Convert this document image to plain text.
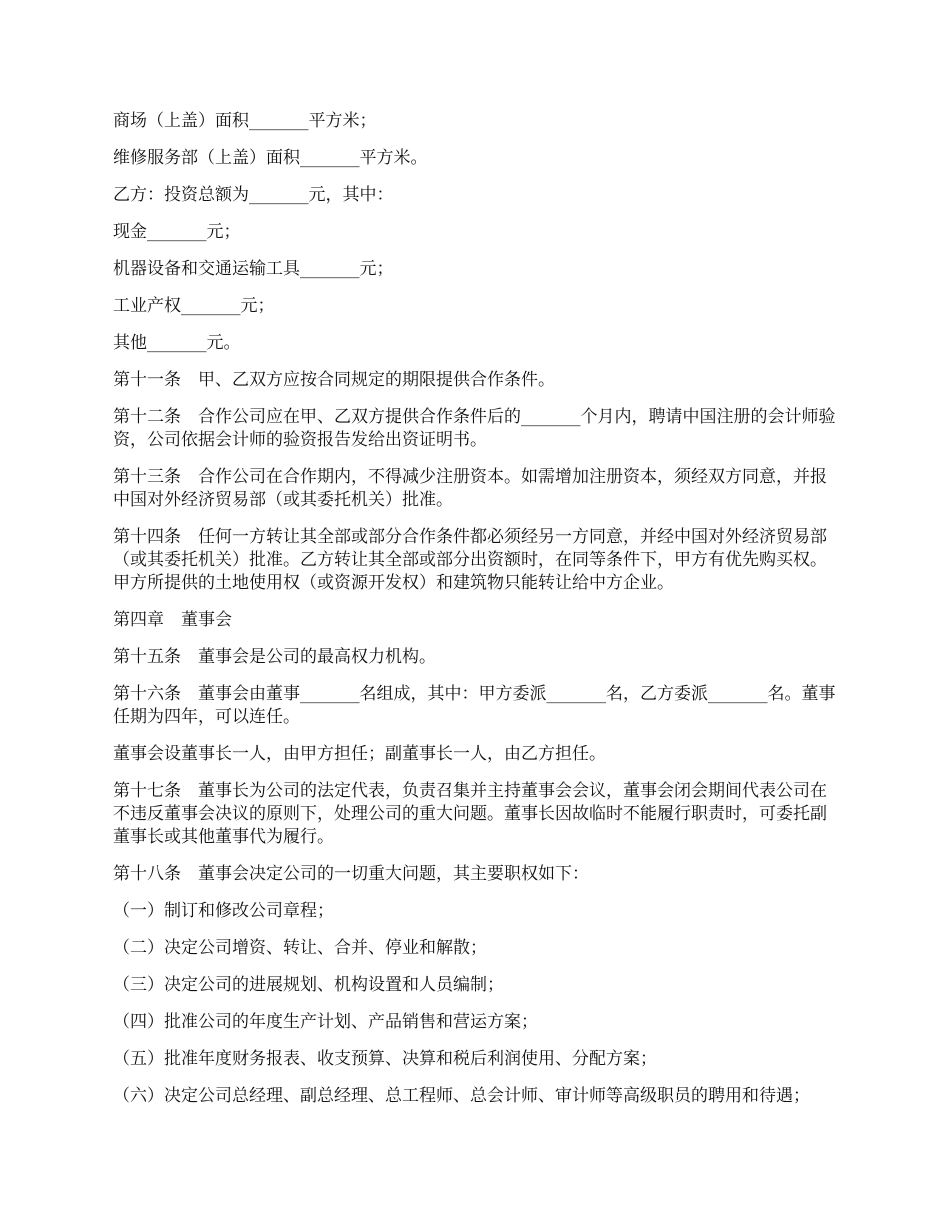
商场（上盖）面积_______平方米；

维修服务部（上盖）面积_______平方米。

乙方：投资总额为_______元，其中：

现金_______元；

机器设备和交通运输工具_______元；

工业产权_______元；

其他_______元。

第十一条　甲、乙双方应按合同规定的期限提供合作条件。

第十二条　合作公司应在甲、乙双方提供合作条件后的_______个月内，聘请中国注册的会计师验资，公司依据会计师的验资报告发给出资证明书。

第十三条　合作公司在合作期内，不得减少注册资本。如需增加注册资本，须经双方同意，并报中国对外经济贸易部（或其委托机关）批准。

第十四条　任何一方转让其全部或部分合作条件都必须经另一方同意，并经中国对外经济贸易部（或其委托机关）批准。乙方转让其全部或部分出资额时，在同等条件下，甲方有优先购买权。甲方所提供的土地使用权（或资源开发权）和建筑物只能转让给中方企业。

第四章　董事会

第十五条　董事会是公司的最高权力机构。

第十六条　董事会由董事_______名组成，其中：甲方委派_______名，乙方委派_______名。董事任期为四年，可以连任。

董事会设董事长一人，由甲方担任；副董事长一人，由乙方担任。

第十七条　董事长为公司的法定代表，负责召集并主持董事会会议，董事会闭会期间代表公司在不违反董事会决议的原则下，处理公司的重大问题。董事长因故临时不能履行职责时，可委托副董事长或其他董事代为履行。

第十八条　董事会决定公司的一切重大问题，其主要职权如下：

（一）制订和修改公司章程；

（二）决定公司增资、转让、合并、停业和解散；

（三）决定公司的进展规划、机构设置和人员编制；

（四）批准公司的年度生产计划、产品销售和营运方案；

（五）批准年度财务报表、收支预算、决算和税后利润使用、分配方案；

（六）决定公司总经理、副总经理、总工程师、总会计师、审计师等高级职员的聘用和待遇；
